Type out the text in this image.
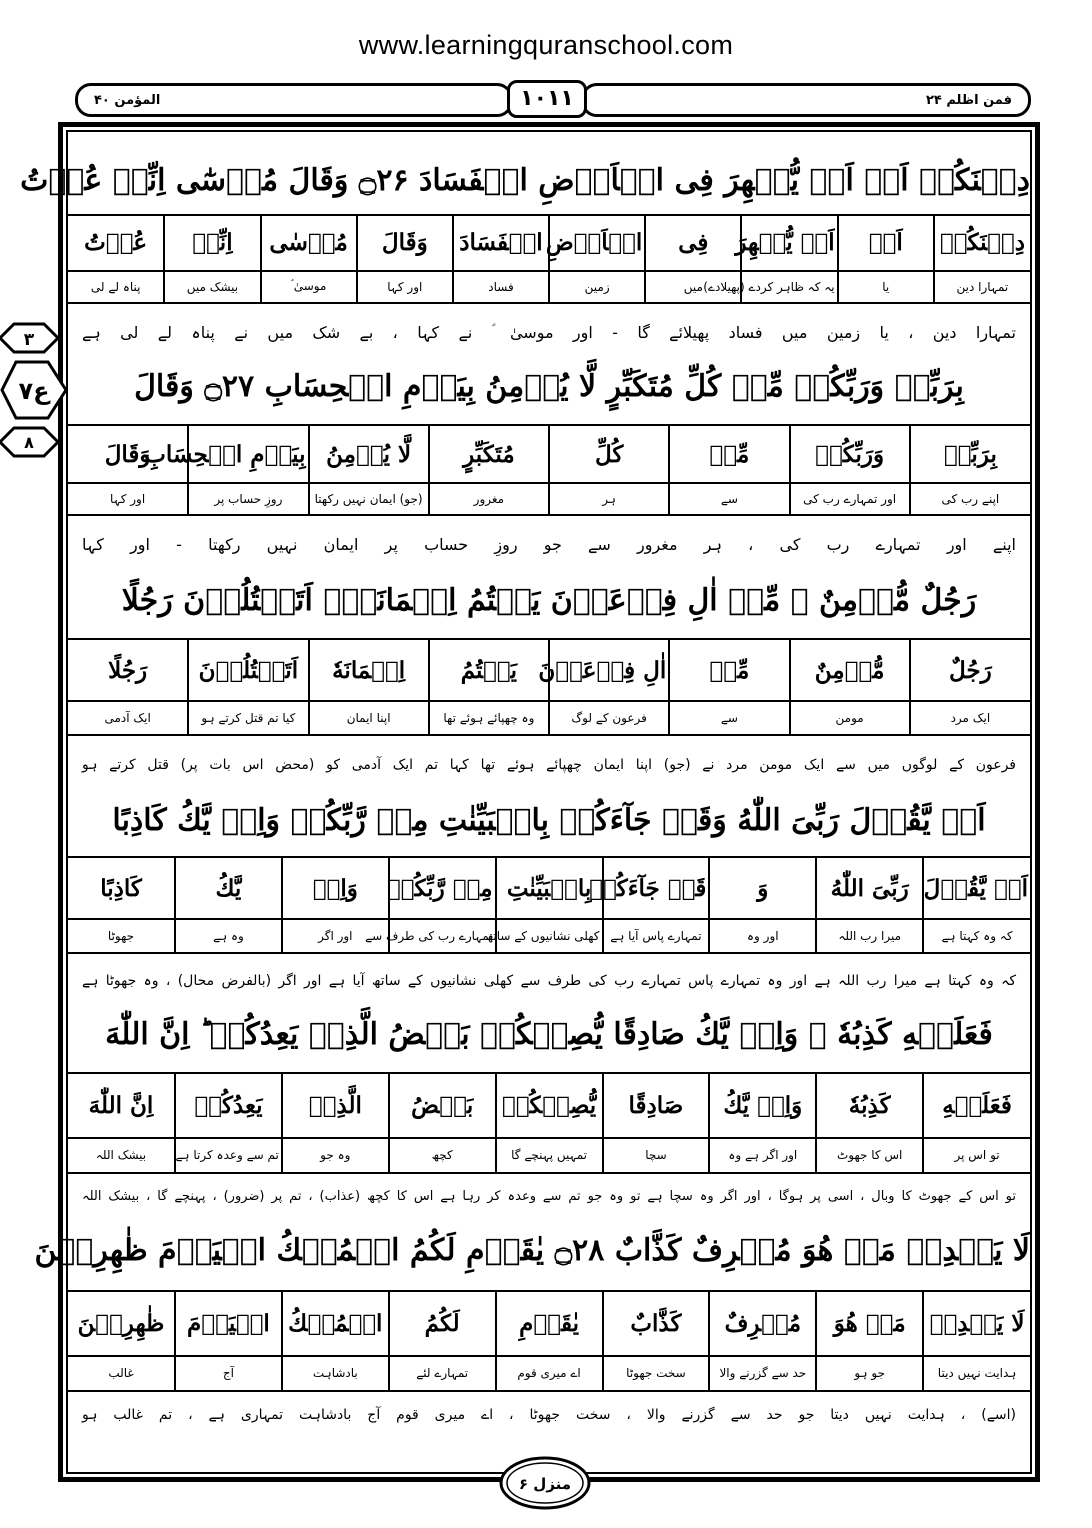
www.learningquranschool.com
المؤمن ۴۰	فمن اظلم ۲۴
۱۰۱۱
۳
ع۷
۸
دِيۡنَكُمۡ اَوۡ اَنۡ يُّظۡهِرَ فِى الۡاَرۡضِ الۡفَسَادَ ۝۲۶ وَقَالَ مُوۡسٰٓى اِنِّىۡ عُذۡتُ
دِيۡنَكُمۡ	اَوۡ	اَنۡ يُّظۡهِرَ	فِى	الۡاَرۡضِ	الۡفَسَادَ	وَقَالَ	مُوۡسٰى	اِنِّىۡ	عُذۡتُ
تمہارا دین	یا	یہ کہ ظاہر کردے (پھیلادے)	میں	زمین	فساد	اور کہا	موسیٰ ؑ	بیشک میں	پناہ لے لی
تمہارا دین ، یا زمین میں فساد پھیلائے گا - اور موسیٰ ؑ نے کہا ، بے شک میں نے پناہ لے لی ہے
بِرَبِّىۡ وَرَبِّكُمۡ مِّنۡ كُلِّ مُتَكَبِّرٍ لَّا يُؤۡمِنُ بِيَوۡمِ الۡحِسَابِ ۝۲۷ وَقَالَ
بِرَبِّىۡ	وَرَبِّكُمۡ	مِّنۡ	كُلِّ	مُتَكَبِّرٍ	لَّا يُؤۡمِنُ	بِيَوۡمِ الۡحِسَابِ	وَقَالَ
اپنے رب کی	اور تمہارے رب کی	سے	ہر	مغرور	(جو) ایمان نہیں رکھتا	روزِ حساب پر	اور کہا
اپنے اور تمہارے رب کی ، ہر مغرور سے جو روزِ حساب پر ایمان نہیں رکھتا - اور کہا
رَجُلٌ مُّؤۡمِنٌ ۖ مِّنۡ اٰلِ فِرۡعَوۡنَ يَكۡتُمُ اِيۡمَانَهٗۤ اَتَقۡتُلُوۡنَ رَجُلًا
رَجُلٌ	مُّؤۡمِنٌ	مِّنۡ	اٰلِ فِرۡعَوۡنَ	يَكۡتُمُ	اِيۡمَانَهٗ	اَتَقۡتُلُوۡنَ	رَجُلًا
ایک مرد	مومن	سے	فرعون کے لوگ	وہ چھپائے ہوئے تھا	اپنا ایمان	کیا تم قتل کرتے ہو	ایک آدمی
فرعون کے لوگوں میں سے ایک مومن مرد نے (جو) اپنا ایمان چھپائے ہوئے تھا کہا تم ایک آدمی کو (محض اس بات پر) قتل کرتے ہو
اَنۡ يَّقُوۡلَ رَبِّىَ اللّٰهُ وَقَدۡ جَآءَكُمۡ بِالۡبَيِّنٰتِ مِنۡ رَّبِّكُمۡ وَاِنۡ يَّكُ كَاذِبًا
اَنۡ يَّقُوۡلَ	رَبِّىَ اللّٰهُ	وَ	قَدۡ جَآءَكُمۡ	بِالۡبَيِّنٰتِ	مِنۡ رَّبِّكُمۡ	وَاِنۡ	يَّكُ	كَاذِبًا
کہ وہ کہتا ہے	میرا رب اللہ	اور وہ	تمہارے پاس آیا ہے	کھلی نشانیوں کے ساتھ	تمہارے رب کی طرف سے	اور اگر	وہ ہے	جھوٹا
کہ وہ کہتا ہے میرا رب اللہ ہے اور وہ تمہارے پاس تمہارے رب کی طرف سے کھلی نشانیوں کے ساتھ آیا ہے اور اگر (بالفرض محال) ، وہ جھوٹا ہے
فَعَلَيۡهِ كَذِبُهٗ ۚ وَاِنۡ يَّكُ صَادِقًا يُّصِبۡكُمۡ بَعۡضُ الَّذِىۡ يَعِدُكُمۡ ؕ اِنَّ اللّٰهَ
فَعَلَيۡهِ	كَذِبُهٗ	وَاِنۡ يَّكُ	صَادِقًا	يُّصِبۡكُمۡ	بَعۡضُ	الَّذِىۡ	يَعِدُكُمۡ	اِنَّ اللّٰهَ
تو اس پر	اس کا جھوٹ	اور اگر ہے وہ	سچا	تمہیں پہنچے گا	کچھ	وہ جو	تم سے وعدہ کرتا ہے	بیشک اللہ
تو اس کے جھوٹ کا وبال ، اسی پر ہوگا ، اور اگر وہ سچا ہے تو وہ جو تم سے وعدہ کر رہا ہے اس کا کچھ (عذاب) ، تم پر (ضرور) ، پہنچے گا ، بیشک اللہ
لَا يَهۡدِىۡ مَنۡ هُوَ مُسۡرِفٌ كَذَّابٌ ۝۲۸ يٰقَوۡمِ لَكُمُ الۡمُلۡكُ الۡيَوۡمَ ظٰهِرِيۡنَ
لَا يَهۡدِىۡ	مَنۡ هُوَ	مُسۡرِفٌ	كَذَّابٌ	يٰقَوۡمِ	لَكُمُ	الۡمُلۡكُ	الۡيَوۡمَ	ظٰهِرِيۡنَ
ہدایت نہیں دیتا	جو ہو	حد سے گزرنے والا	سخت جھوٹا	اے میری قوم	تمہارے لئے	بادشاہت	آج	غالب
(اسے) ، ہدایت نہیں دیتا جو حد سے گزرنے والا ، سخت جھوٹا ، اے میری قوم آج بادشاہت تمہاری ہے ، تم غالب ہو
منزل ۶
